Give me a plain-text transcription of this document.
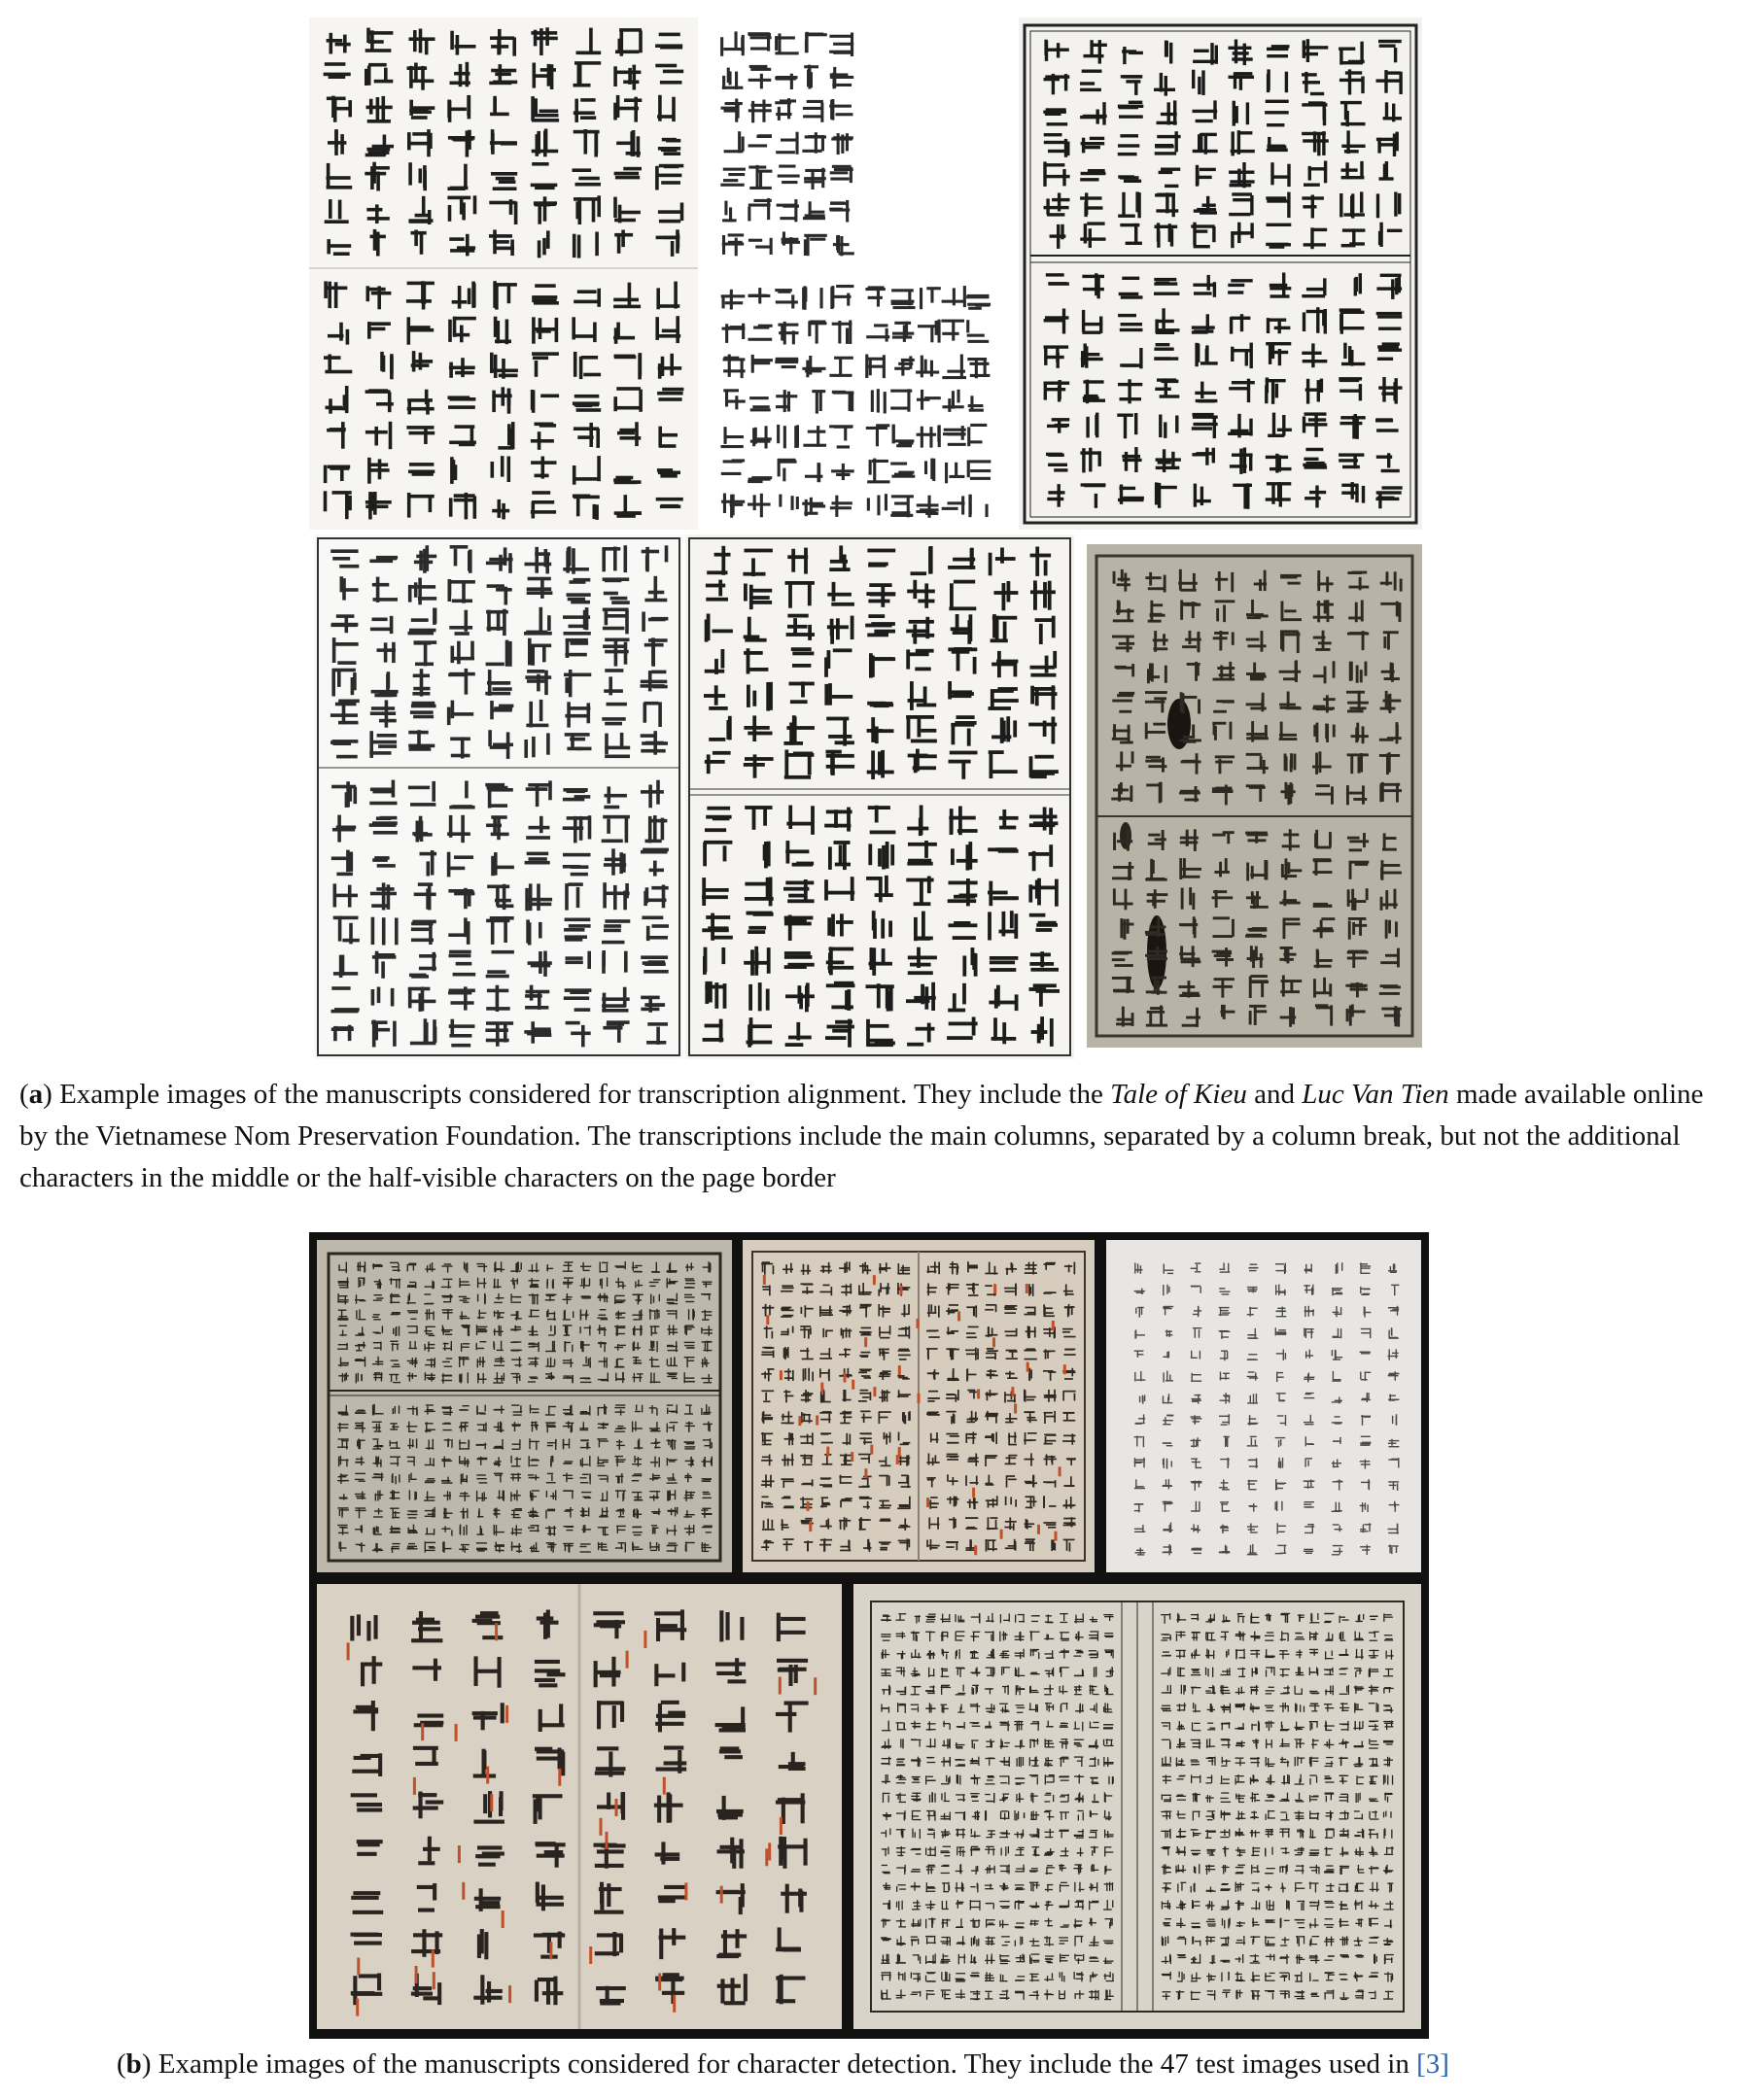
(a) Example images of the manuscripts considered for transcription alignment. They include the Tale of Kieu and Luc Van Tien made available online by the Vietnamese Nom Preservation Foundation. The transcriptions include the main columns, separated by a column break, but not the additional characters in the middle or the half-visible characters on the page border
(b) Example images of the manuscripts considered for character detection. They include the 47 test images used in [3]
